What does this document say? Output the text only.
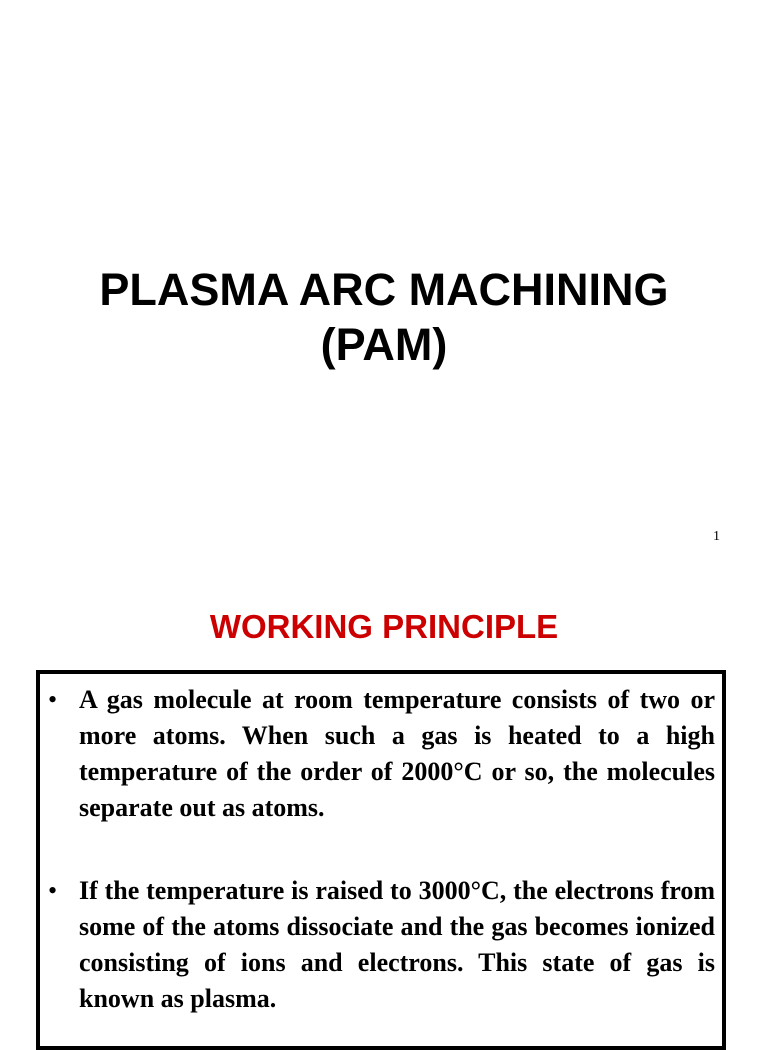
PLASMA ARC MACHINING
(PAM)
1
WORKING PRINCIPLE
• A gas molecule at room temperature consists of two or more atoms. When such a gas is heated to a high temperature of the order of 2000°C or so, the molecules separate out as atoms.
• If the temperature is raised to 3000°C, the electrons from some of the atoms dissociate and the gas becomes ionized consisting of ions and electrons. This state of gas is known as plasma.
